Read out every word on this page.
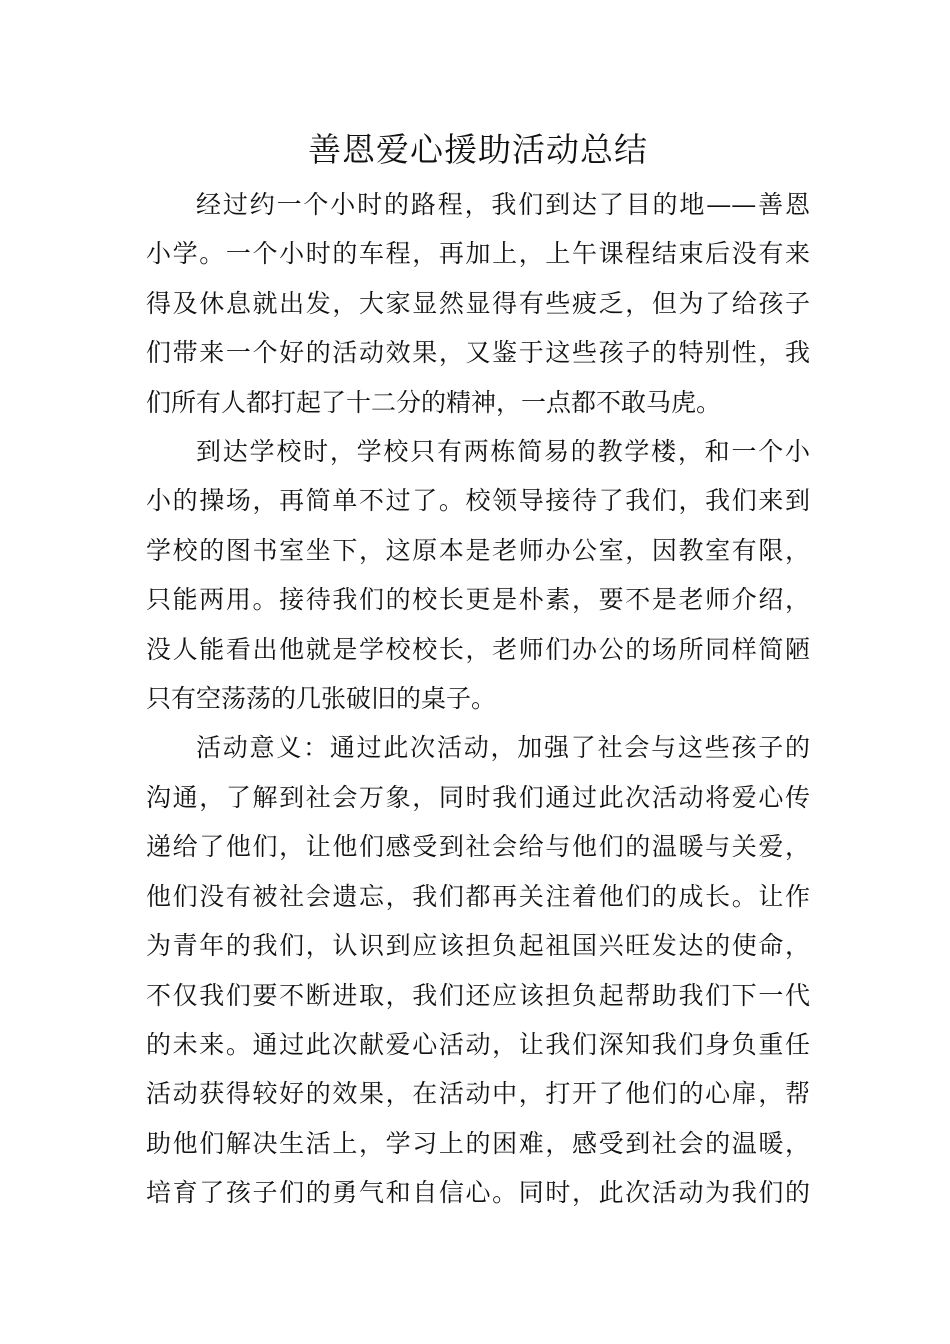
善恩爱心援助活动总结

经过约一个小时的路程，我们到达了目的地——善恩
小学。一个小时的车程，再加上，上午课程结束后没有来
得及休息就出发，大家显然显得有些疲乏，但为了给孩子
们带来一个好的活动效果，又鉴于这些孩子的特别性，我
们所有人都打起了十二分的精神，一点都不敢马虎。

到达学校时，学校只有两栋简易的教学楼，和一个小
小的操场，再简单不过了。校领导接待了我们，我们来到
学校的图书室坐下，这原本是老师办公室，因教室有限，
只能两用。接待我们的校长更是朴素，要不是老师介绍，
没人能看出他就是学校校长，老师们办公的场所同样简陋
只有空荡荡的几张破旧的桌子。

活动意义：通过此次活动，加强了社会与这些孩子的
沟通，了解到社会万象，同时我们通过此次活动将爱心传
递给了他们，让他们感受到社会给与他们的温暖与关爱，
他们没有被社会遗忘，我们都再关注着他们的成长。让作
为青年的我们，认识到应该担负起祖国兴旺发达的使命，
不仅我们要不断进取，我们还应该担负起帮助我们下一代
的未来。通过此次献爱心活动，让我们深知我们身负重任
活动获得较好的效果，在活动中，打开了他们的心扉，帮
助他们解决生活上，学习上的困难，感受到社会的温暖，
培育了孩子们的勇气和自信心。同时，此次活动为我们的
